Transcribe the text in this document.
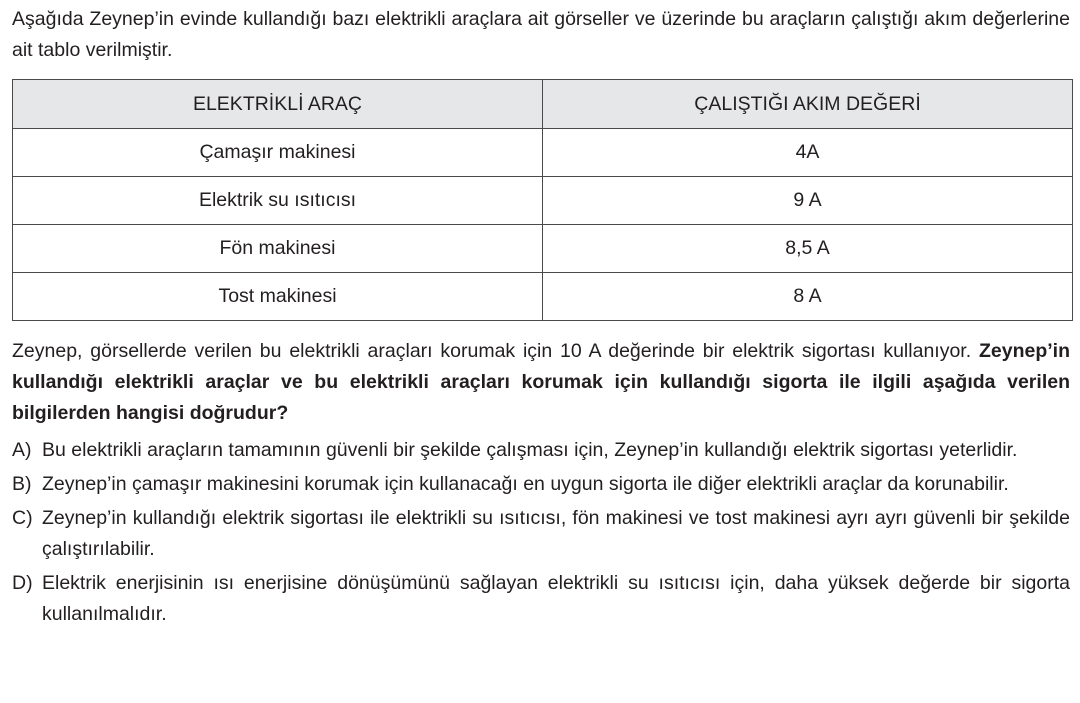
Aşağıda Zeynep’in evinde kullandığı bazı elektrikli araçlara ait görseller ve üzerinde bu araçların çalıştığı akım değerlerine ait tablo verilmiştir.

ELEKTRİKLİ ARAÇ	ÇALIŞTIĞI AKIM DEĞERİ
Çamaşır makinesi	4A
Elektrik su ısıtıcısı	9 A
Fön makinesi	8,5 A
Tost makinesi	8 A

Zeynep, görsellerde verilen bu elektrikli araçları korumak için 10 A değerinde bir elektrik sigortası kullanıyor. Zeynep’in kullandığı elektrikli araçlar ve bu elektrikli araçları korumak için kullandığı sigorta ile ilgili aşağıda verilen bilgilerden hangisi doğrudur?

A) Bu elektrikli araçların tamamının güvenli bir şekilde çalışması için, Zeynep’in kullandığı elektrik sigortası yeterlidir.
B) Zeynep’in çamaşır makinesini korumak için kullanacağı en uygun sigorta ile diğer elektrikli araçlar da korunabilir.
C) Zeynep’in kullandığı elektrik sigortası ile elektrikli su ısıtıcısı, fön makinesi ve tost makinesi ayrı ayrı güvenli bir şekilde çalıştırılabilir.
D) Elektrik enerjisinin ısı enerjisine dönüşümünü sağlayan elektrikli su ısıtıcısı için, daha yüksek değerde bir sigorta kullanılmalıdır.
